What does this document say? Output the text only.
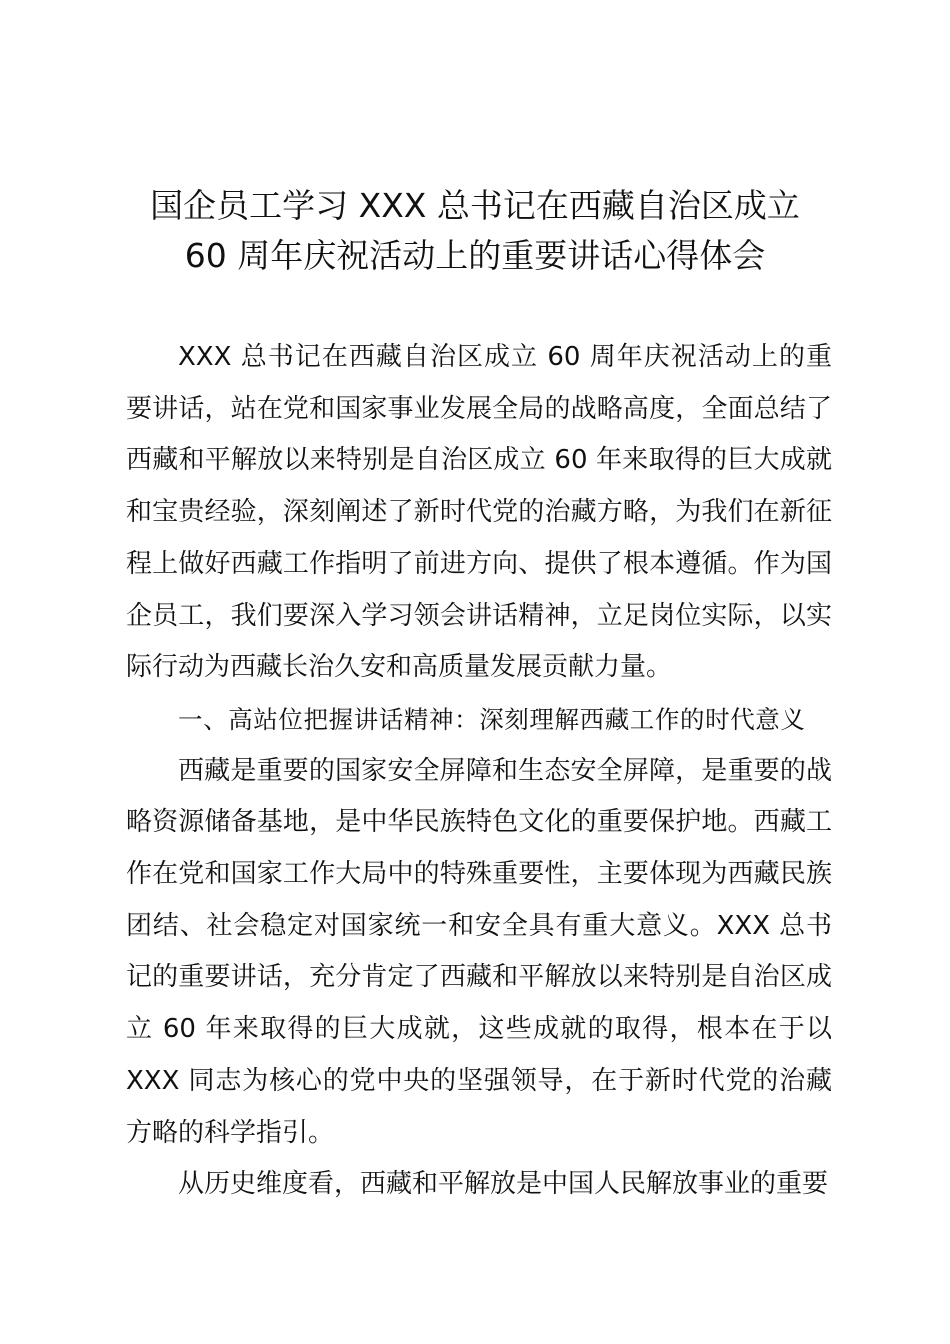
国企员工学习 XXX 总书记在西藏自治区成立
60 周年庆祝活动上的重要讲话心得体会

XXX 总书记在西藏自治区成立 60 周年庆祝活动上的重要讲话，站在党和国家事业发展全局的战略高度，全面总结了西藏和平解放以来特别是自治区成立 60 年来取得的巨大成就和宝贵经验，深刻阐述了新时代党的治藏方略，为我们在新征程上做好西藏工作指明了前进方向、提供了根本遵循。作为国企员工，我们要深入学习领会讲话精神，立足岗位实际，以实际行动为西藏长治久安和高质量发展贡献力量。

一、高站位把握讲话精神：深刻理解西藏工作的时代意义

西藏是重要的国家安全屏障和生态安全屏障，是重要的战略资源储备基地，是中华民族特色文化的重要保护地。西藏工作在党和国家工作大局中的特殊重要性，主要体现为西藏民族团结、社会稳定对国家统一和安全具有重大意义。XXX 总书记的重要讲话，充分肯定了西藏和平解放以来特别是自治区成立 60 年来取得的巨大成就，这些成就的取得，根本在于以 XXX 同志为核心的党中央的坚强领导，在于新时代党的治藏方略的科学指引。

从历史维度看，西藏和平解放是中国人民解放事业的重要
